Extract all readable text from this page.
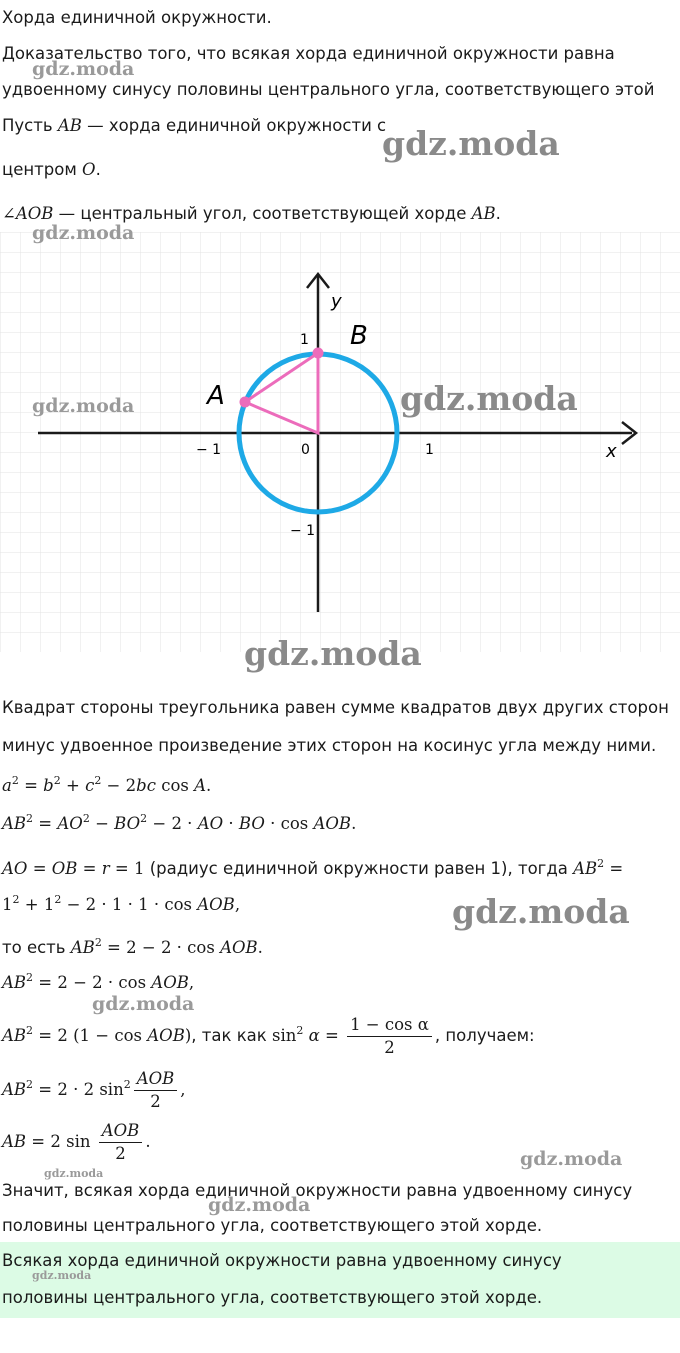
Хорда единичной окружности.
Доказательство того, что всякая хорда единичной окружности равна
удвоенному синусу половины центрального угла, соответствующего этой
Пусть AB — хорда единичной окружности с
центром O.
∠AOB — центральный угол, соответствующей хорде AB.
y
x
1
− 1
− 1	1
0
A
B
Квадрат стороны треугольника равен сумме квадратов двух других сторон
минус удвоенное произведение этих сторон на косинус угла между ними.
$a^2 = b^2 + c^2 - 2bc$ cos A.
$AB^2 = AO^2 - BO^2 - 2$ · AO · BO · cos AOB.
AO = OB = r = 1 (радиус единичной окружности равен 1), тогда $AB^2$ =
$1^2 + 1^2 - 2 \cdot 1 \cdot 1 \cdot \cos$ AOB,
то есть $AB^2 = 2 - 2 \cdot \cos$ AOB.
$AB^2 = 2 - 2 \cdot \cos$ AOB,
$AB^2 = 2$ (1 − cos AOB), так как $\sin^2 \alpha = \frac{\text{1 − cos α}}{2}$ , получаем:
$AB^2 = 2 \cdot 2$ $\sin^2 \frac{\text{AOB}}{2}$ ,
AB = 2 $\sin \frac{\text{AOB}}{2}$ .
Значит, всякая хорда единичной окружности равна удвоенному синусу
половины центрального угла, соответствующего этой хорде.
Всякая хорда единичной окружности равна удвоенному синусу
половины центрального угла, соответствующего этой хорде.
gdz.moda
gdz.moda
gdz.moda
gdz.moda	gdz.moda
gdz.moda
gdz.moda
gdz.moda
gdz.moda
gdz.moda
gdz.moda
gdz.moda
